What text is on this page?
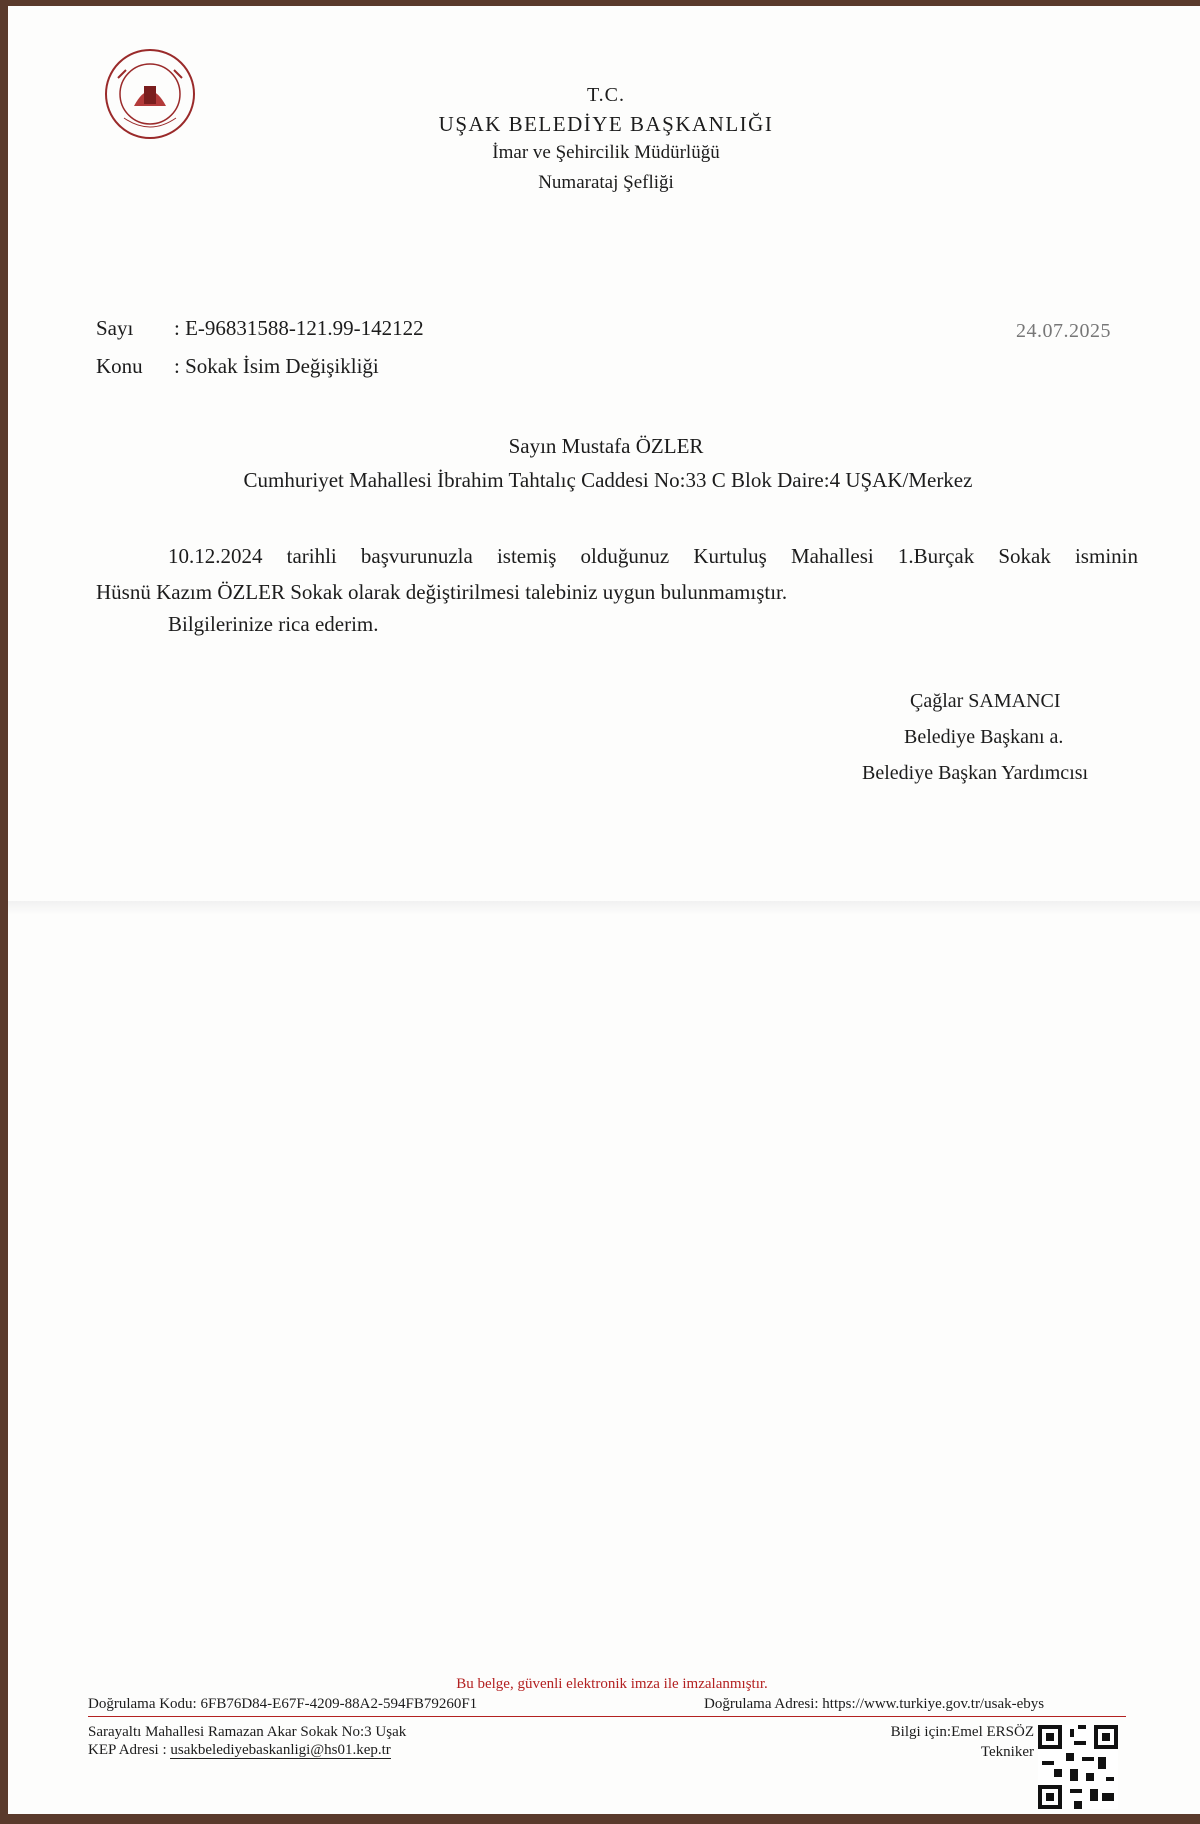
T.C.
UŞAK BELEDİYE BAŞKANLIĞI
İmar ve Şehircilik Müdürlüğü
Numarataj Şefliği
Sayı : E-96831588-121.99-142122
Konu : Sokak İsim Değişikliği
24.07.2025
Sayın Mustafa ÖZLER
Cumhuriyet Mahallesi İbrahim Tahtalıç Caddesi No:33 C Blok Daire:4 UŞAK/Merkez
10.12.2024 tarihli başvurunuzla istemiş olduğunuz Kurtuluş Mahallesi 1.Burçak Sokak isminin
Hüsnü Kazım ÖZLER Sokak olarak değiştirilmesi talebiniz uygun bulunmamıştır.
Bilgilerinize rica ederim.
Çağlar SAMANCI
Belediye Başkanı a.
Belediye Başkan Yardımcısı
Bu belge, güvenli elektronik imza ile imzalanmıştır.
Doğrulama Kodu: 6FB76D84-E67F-4209-88A2-594FB79260F1	Doğrulama Adresi: https://www.turkiye.gov.tr/usak-ebys
Sarayaltı Mahallesi Ramazan Akar Sokak No:3 Uşak
KEP Adresi : usakbelediyebaskanligi@hs01.kep.tr
Bilgi için:Emel ERSÖZ
Tekniker
